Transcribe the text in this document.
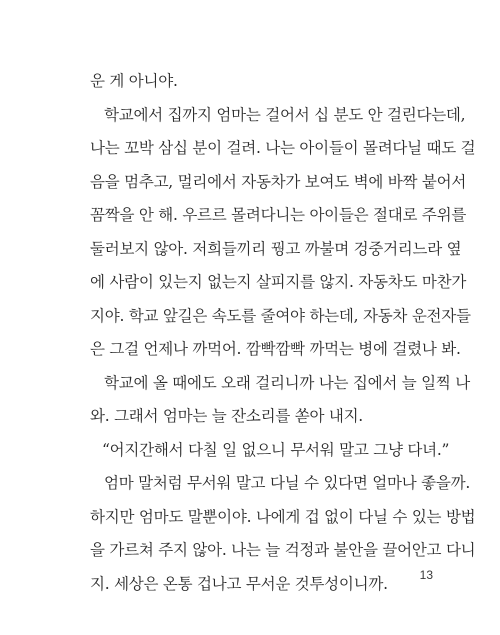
운 게 아니야.
학교에서 집까지 엄마는 걸어서 십 분도 안 걸린다는데,
나는 꼬박 삼십 분이 걸려. 나는 아이들이 몰려다닐 때도 걸
음을 멈추고, 멀리에서 자동차가 보여도 벽에 바짝 붙어서
꼼짝을 안 해. 우르르 몰려다니는 아이들은 절대로 주위를
둘러보지 않아. 저희들끼리 꿩고 까불며 겅중거리느라 옆
에 사람이 있는지 없는지 살피지를 않지. 자동차도 마찬가
지야. 학교 앞길은 속도를 줄여야 하는데, 자동차 운전자들
은 그걸 언제나 까먹어. 깜빡깜빡 까먹는 병에 걸렸나 봐.
학교에 올 때에도 오래 걸리니까 나는 집에서 늘 일찍 나
와. 그래서 엄마는 늘 잔소리를 쏟아 내지.
“어지간해서 다칠 일 없으니 무서워 말고 그냥 다녀.”
엄마 말처럼 무서워 말고 다닐 수 있다면 얼마나 좋을까.
하지만 엄마도 말뿐이야. 나에게 겁 없이 다닐 수 있는 방법
을 가르쳐 주지 않아. 나는 늘 걱정과 불안을 끌어안고 다니
지. 세상은 온통 겁나고 무서운 것투성이니까.	13
